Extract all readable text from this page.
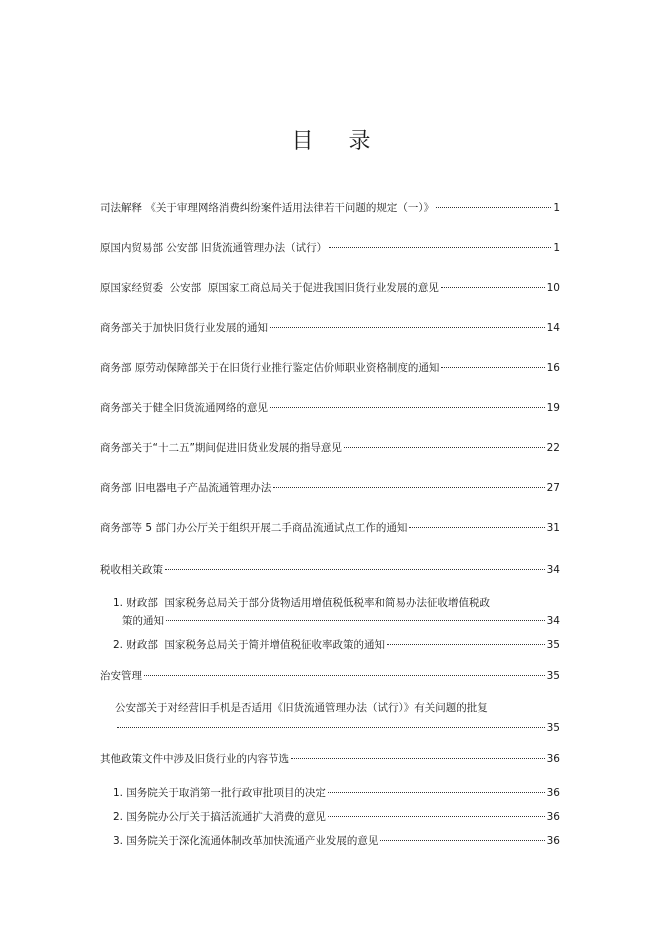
目 录
司法解释 《关于审理网络消费纠纷案件适用法律若干问题的规定（一）》	1
原国内贸易部 公安部 旧货流通管理办法（试行）	1
原国家经贸委  公安部  原国家工商总局关于促进我国旧货行业发展的意见	10
商务部关于加快旧货行业发展的通知	14
商务部 原劳动保障部关于在旧货行业推行鉴定估价师职业资格制度的通知	16
商务部关于健全旧货流通网络的意见	19
商务部关于“十二五”期间促进旧货业发展的指导意见	22
商务部 旧电器电子产品流通管理办法	27
商务部等 5 部门办公厅关于组织开展二手商品流通试点工作的通知	31
税收相关政策	34
1. 财政部  国家税务总局关于部分货物适用增值税低税率和简易办法征收增值税政
策的通知	34
2. 财政部  国家税务总局关于简并增值税征收率政策的通知	35
治安管理	35
公安部关于对经营旧手机是否适用《旧货流通管理办法（试行）》有关问题的批复
35
其他政策文件中涉及旧货行业的内容节选	36
1. 国务院关于取消第一批行政审批项目的决定	36
2. 国务院办公厅关于搞活流通扩大消费的意见	36
3. 国务院关于深化流通体制改革加快流通产业发展的意见	36
